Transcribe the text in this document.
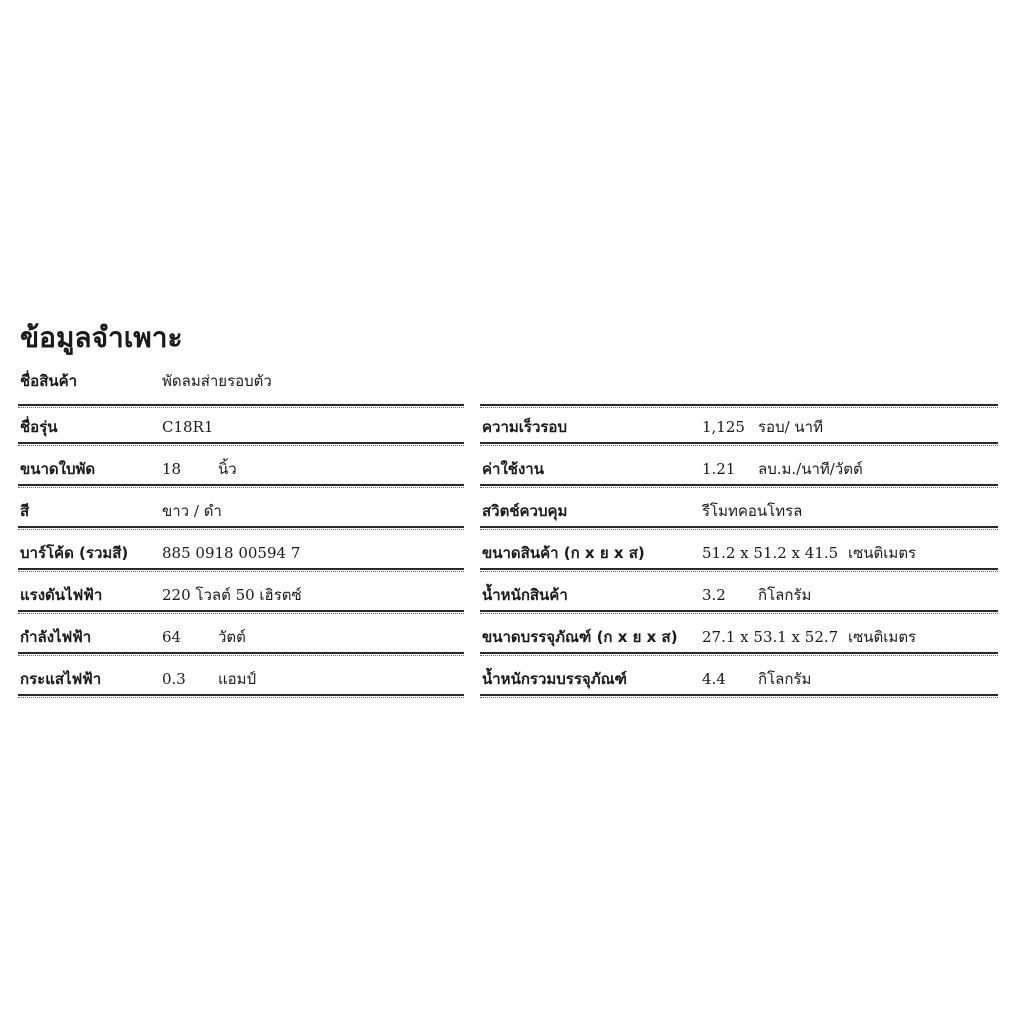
ข้อมูลจำเพาะ
ชื่อสินค้า	พัดลมส่ายรอบตัว
ชื่อรุ่น	C18R1
ขนาดใบพัด	18 นิ้ว
สี	ขาว / ดำ
บาร์โค้ด (รวมสี) 885 0918 00594 7
แรงดันไฟฟ้า	220 โวลต์ 50 เฮิรตซ์
กำลังไฟฟ้า	64 วัตต์
กระแสไฟฟ้า	0.3 แอมป์
ความเร็วรอบ	1,125 รอบ/ นาที
ค่าใช้งาน	1.21 ลบ.ม./นาที/วัตต์
สวิตช์ควบคุม	รีโมทคอนโทรล
ขนาดสินค้า (ก x ย x ส)	51.2 x 51.2 x 41.5 เซนติเมตร
น้ำหนักสินค้า	3.2 กิโลกรัม
ขนาดบรรจุภัณฑ์ (ก x ย x ส) 27.1 x 53.1 x 52.7 เซนติเมตร
น้ำหนักรวมบรรจุภัณฑ์	4.4 กิโลกรัม
